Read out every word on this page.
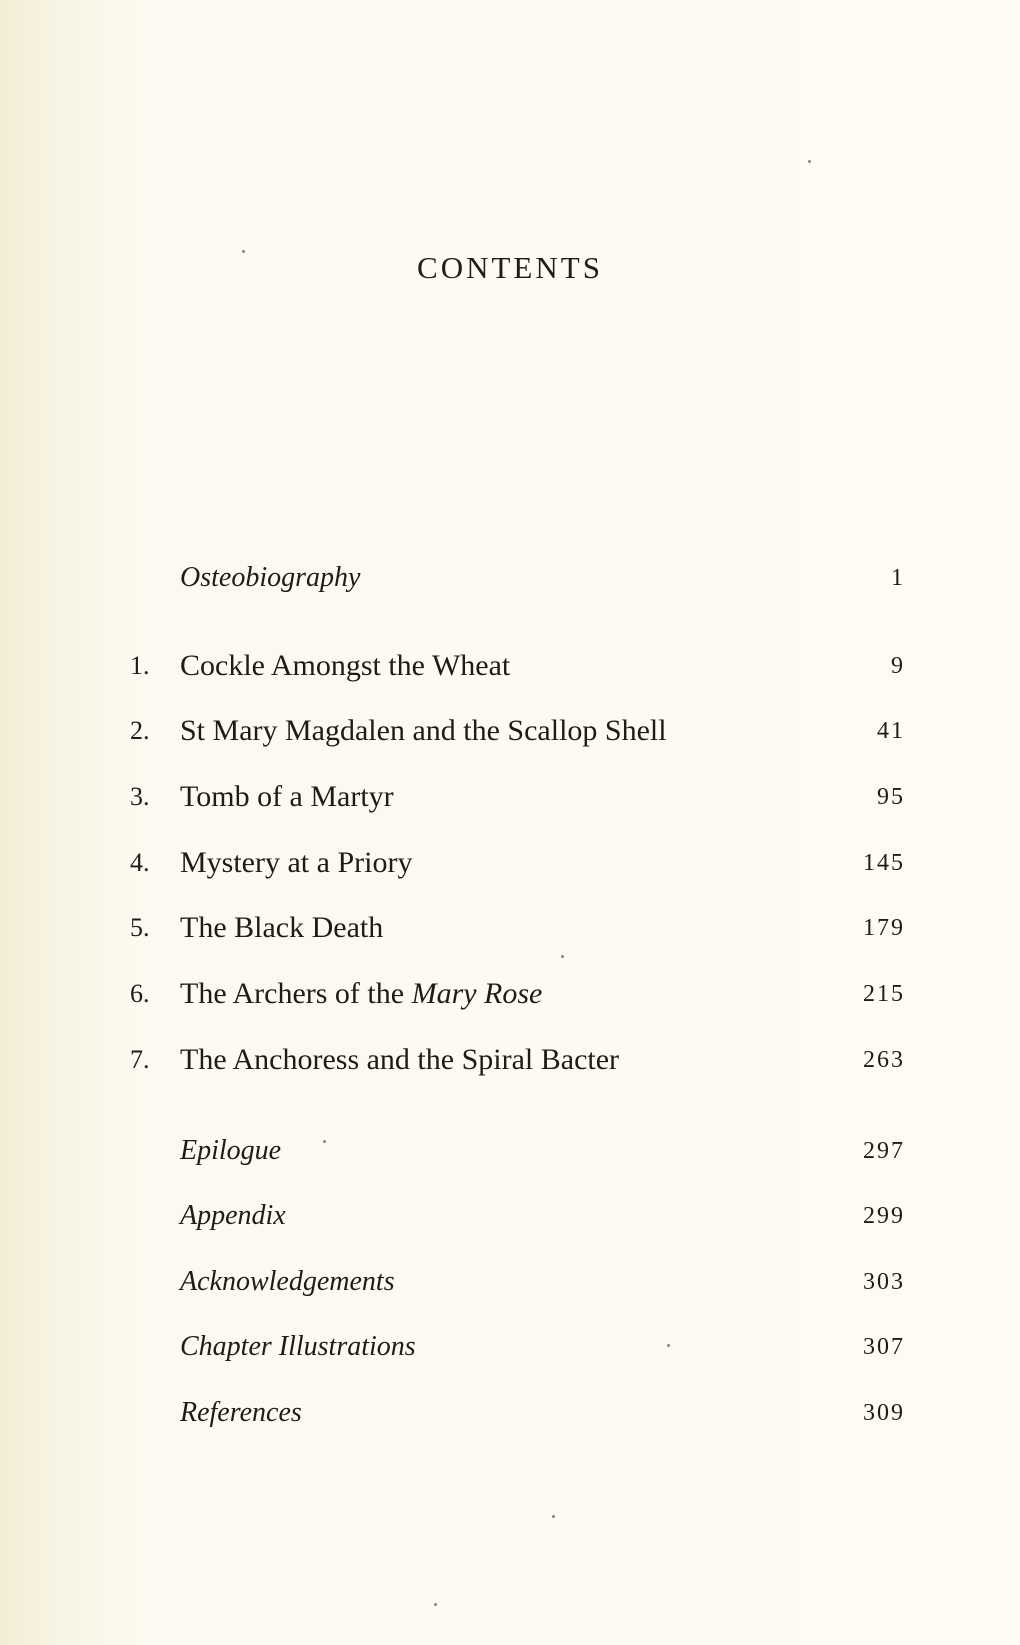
CONTENTS
Osteobiography	1
1.	Cockle Amongst the Wheat	9
2.	St Mary Magdalen and the Scallop Shell	41
3.	Tomb of a Martyr	95
4.	Mystery at a Priory	145
5.	The Black Death	179
6.	The Archers of the Mary Rose	215
7.	The Anchoress and the Spiral Bacter	263
Epilogue	297
Appendix	299
Acknowledgements	303
Chapter Illustrations	307
References	309
